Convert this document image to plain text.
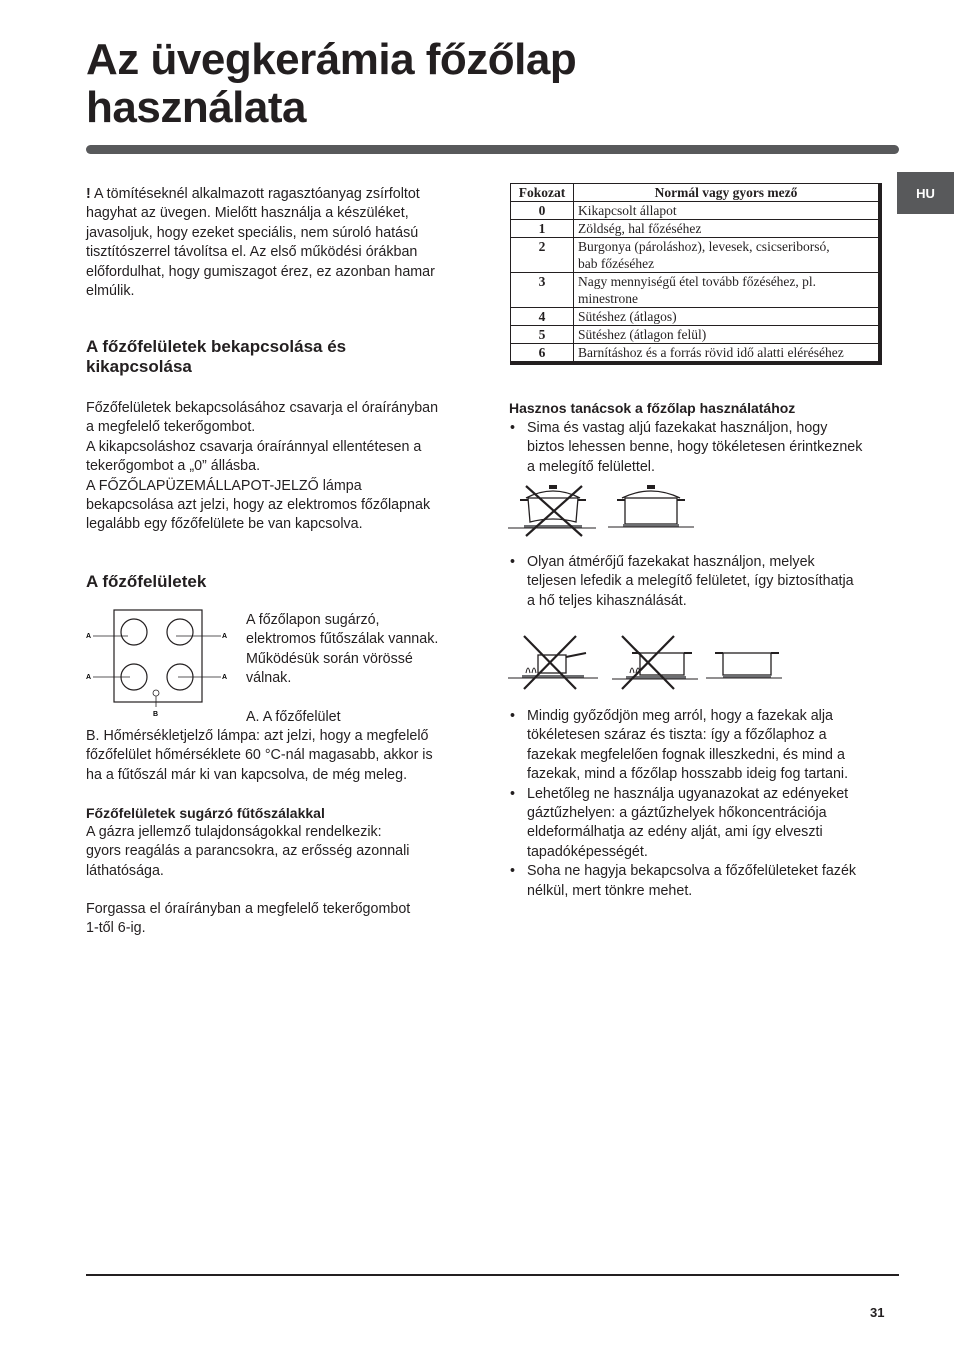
Az üvegkerámia főzőlap
használata
HU

! A tömítéseknél alkalmazott ragasztóanyag zsírfoltot
hagyhat az üvegen. Mielőtt használja a készüléket,
javasoljuk, hogy ezeket speciális, nem súroló hatású
tisztítószerrel távolítsa el. Az első működési órákban
előfordulhat, hogy gumiszagot érez, ez azonban hamar
elmúlik.

A főzőfelületek bekapcsolása és
kikapcsolása

Főzőfelületek bekapcsolásához csavarja el óraírányban
a megfelelő tekerőgombot.
A kikapcsoláshoz csavarja óraíránnyal ellentétesen a
tekerőgombot a „0” állásba.
A FŐZŐLAPÜZEMÁLLAPOT-JELZŐ lámpa
bekapcsolása azt jelzi, hogy az elektromos főzőlapnak
legalább egy főzőfelülete be van kapcsolva.

A főzőfelületek
A	A
A	A
B

A főzőlapon sugárzó,
elektromos fűtőszálak vannak.
Működésük során vörössé
válnak.

A. A főzőfelület

B. Hőmérsékletjelző lámpa: azt jelzi, hogy a megfelelő
főzőfelület hőmérséklete 60 °C-nál magasabb, akkor is
ha a fűtőszál már ki van kapcsolva, de még meleg.

Főzőfelületek sugárzó fűtőszálakkal

A gázra jellemző tulajdonságokkal rendelkezik:
gyors reagálás a parancsokra, az erősség azonnali
láthatósága.

Forgassa el óraírányban a megfelelő tekerőgombot
1-től 6-ig.

Fokozat	Normál vagy gyors mező
0	Kikapcsolt állapot

1	Zöldség, hal főzéséhez

2	Burgonya (pároláshoz), levesek, csicseriborsó,
bab főzéséhez

3	Nagy mennyiségű étel tovább főzéséhez, pl.
minestrone

4	Sütéshez (átlagos)

5	Sütéshez (átlagon felül)

6	Barnításhoz és a forrás rövid idő alatti eléréséhez
Hasznos tanácsok a főzőlap használatához
• Sima és vastag aljú fazekakat használjon, hogy
biztos lehessen benne, hogy tökéletesen érintkeznek
a melegítő felülettel.
• Olyan átmérőjű fazekakat használjon, melyek
teljesen lefedik a melegítő felületet, így biztosíthatja
a hő teljes kihasználását.
• Mindig győződjön meg arról, hogy a fazekak alja
tökéletesen száraz és tiszta: így a főzőlaphoz a
fazekak megfelelően fognak illeszkedni, és mind a
fazekak, mind a főzőlap hosszabb ideig fog tartani.
• Lehetőleg ne használja ugyanazokat az edényeket
gáztűzhelyen: a gáztűzhelyek hőkoncentrációja
eldeformálhatja az edény alját, ami így elveszti
tapadóképességét.
• Soha ne hagyja bekapcsolva a főzőfelületeket fazék
nélkül, mert tönkre mehet.
31
